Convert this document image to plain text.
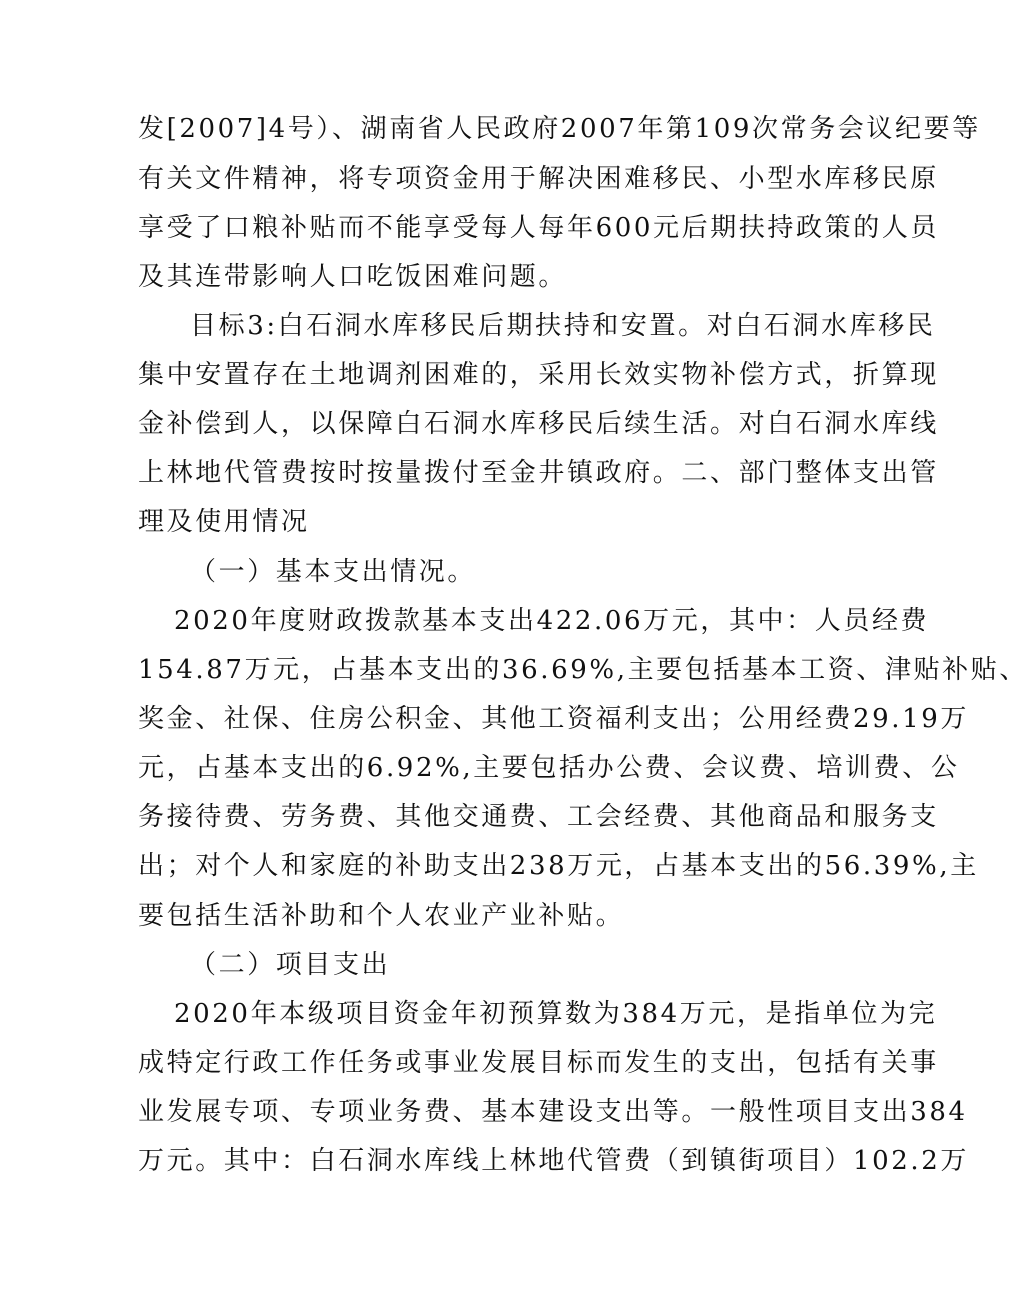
发[2007]4号）、湖南省人民政府2007年第109次常务会议纪要等
有关文件精神，将专项资金用于解决困难移民、小型水库移民原
享受了口粮补贴而不能享受每人每年600元后期扶持政策的人员
及其连带影响人口吃饭困难问题。
目标3:白石洞水库移民后期扶持和安置。对白石洞水库移民
集中安置存在土地调剂困难的，采用长效实物补偿方式，折算现
金补偿到人，以保障白石洞水库移民后续生活。对白石洞水库线
上林地代管费按时按量拨付至金井镇政府。二、部门整体支出管
理及使用情况
（一）基本支出情况。
2020年度财政拨款基本支出422.06万元，其中：人员经费
154.87万元，占基本支出的36.69%,主要包括基本工资、津贴补贴、
奖金、社保、住房公积金、其他工资福利支出；公用经费29.19万
元，占基本支出的6.92%,主要包括办公费、会议费、培训费、公
务接待费、劳务费、其他交通费、工会经费、其他商品和服务支
出；对个人和家庭的补助支出238万元，占基本支出的56.39%,主
要包括生活补助和个人农业产业补贴。
（二）项目支出
2020年本级项目资金年初预算数为384万元，是指单位为完
成特定行政工作任务或事业发展目标而发生的支出，包括有关事
业发展专项、专项业务费、基本建设支出等。一般性项目支出384
万元。其中：白石洞水库线上林地代管费（到镇街项目）102.2万
